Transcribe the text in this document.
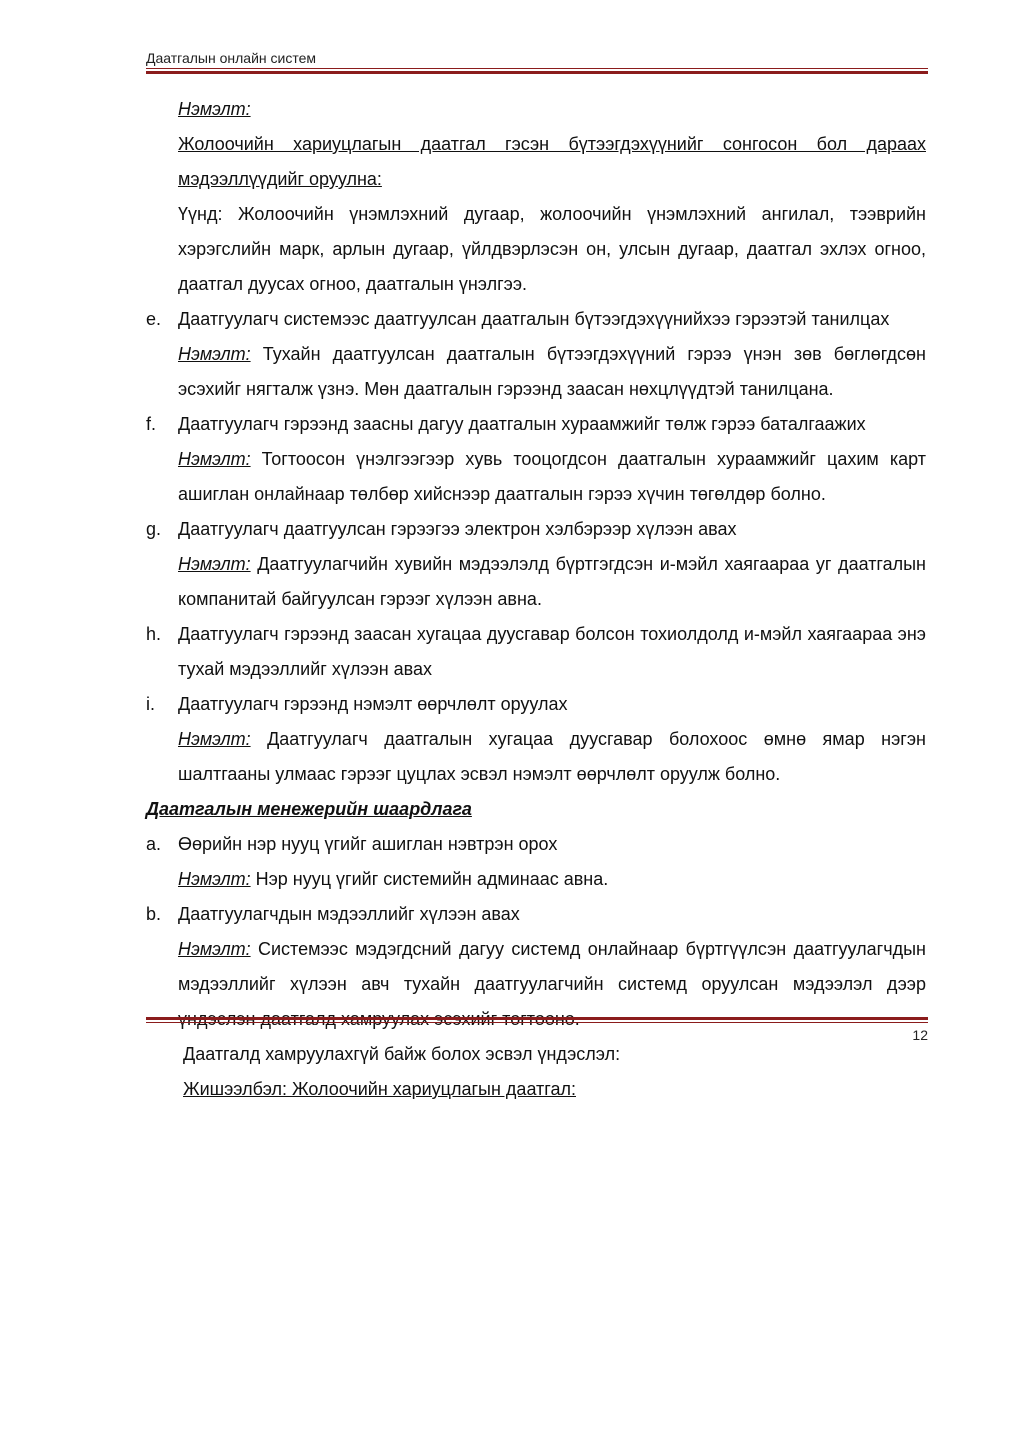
Даатгалын онлайн систем

Нэмэлт:

Жолоочийн хариуцлагын даатгал гэсэн бүтээгдэхүүнийг сонгосон бол дараах мэдээллүүдийг оруулна:

Үүнд: Жолоочийн үнэмлэхний дугаар, жолоочийн үнэмлэхний ангилал, тээврийн хэрэгслийн марк, арлын дугаар, үйлдвэрлэсэн он, улсын дугаар, даатгал эхлэх огноо, даатгал дуусах огноо, даатгалын үнэлгээ.

e. Даатгуулагч системээс даатгуулсан даатгалын бүтээгдэхүүнийхээ гэрээтэй танилцах

Нэмэлт: Тухайн даатгуулсан даатгалын бүтээгдэхүүний гэрээ үнэн зөв бөглөгдсөн эсэхийг нягталж үзнэ. Мөн даатгалын гэрээнд заасан нөхцлүүдтэй танилцана.

f.	Даатгуулагч гэрээнд заасны дагуу даатгалын хураамжийг төлж гэрээ баталгаажих

Нэмэлт: Тогтоосон үнэлгээгээр хувь тооцогдсон даатгалын хураамжийг цахим карт ашиглан онлайнаар төлбөр хийснээр даатгалын гэрээ хүчин төгөлдөр болно.

g. Даатгуулагч даатгуулсан гэрээгээ электрон хэлбэрээр хүлээн авах

Нэмэлт: Даатгуулагчийн хувийн мэдээлэлд бүртгэгдсэн и-мэйл хаягаараа уг даатгалын компанитай байгуулсан гэрээг хүлээн авна.

h. Даатгуулагч гэрээнд заасан хугацаа дуусгавар болсон тохиолдолд и-мэйл хаягаараа энэ тухай мэдээллийг хүлээн авах
i.	Даатгуулагч гэрээнд нэмэлт өөрчлөлт оруулах

Нэмэлт: Даатгуулагч даатгалын хугацаа дуусгавар болохоос өмнө ямар нэгэн шалтгааны улмаас гэрээг цуцлах эсвэл нэмэлт өөрчлөлт оруулж болно.

Даатгалын менежерийн шаардлага

a. Өөрийн нэр нууц үгийг ашиглан нэвтрэн орох

Нэмэлт: Нэр нууц үгийг системийн админаас авна.

b. Даатгуулагчдын мэдээллийг хүлээн авах

Нэмэлт: Системээс мэдэгдсний дагуу системд онлайнаар бүртгүүлсэн даатгуулагчдын мэдээллийг хүлээн авч тухайн даатгуулагчийн системд оруулсан мэдээлэл дээр

Даатгалд хамруулахгүй байж болох эсвэл үндэслэл:

Жишээлбэл: Жолоочийн хариуцлагын даатгал:

12
